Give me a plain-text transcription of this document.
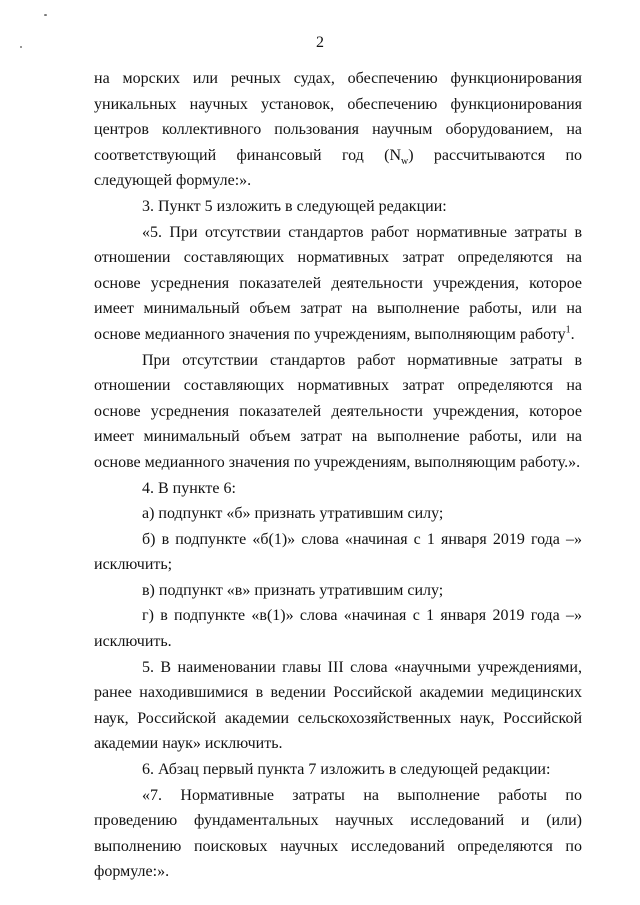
2

на морских или речных судах, обеспечению функционирования уникальных научных установок, обеспечению функционирования центров коллективного пользования научным оборудованием, на соответствующий финансовый год $(N_w)$ рассчитываются по следующей формуле:».

3. Пункт 5 изложить в следующей редакции:

«5. При отсутствии стандартов работ нормативные затраты в отношении составляющих нормативных затрат определяются на основе усреднения показателей деятельности учреждения, которое имеет минимальный объем затрат на выполнение работы, или на основе медианного значения по учреждениям, выполняющим работу$^1$.

При отсутствии стандартов работ нормативные затраты в отношении составляющих нормативных затрат определяются на основе усреднения показателей деятельности учреждения, которое имеет минимальный объем затрат на выполнение работы, или на основе медианного значения по учреждениям, выполняющим работу.».

4. В пункте 6:

а) подпункт «б» признать утратившим силу;

б) в подпункте «б(1)» слова «начиная с 1 января 2019 года –» исключить;

в) подпункт «в» признать утратившим силу;

г) в подпункте «в(1)» слова «начиная с 1 января 2019 года –» исключить.

5. В наименовании главы III слова «научными учреждениями, ранее находившимися в ведении Российской академии медицинских наук, Российской академии сельскохозяйственных наук, Российской академии наук» исключить.

6. Абзац первый пункта 7 изложить в следующей редакции:

«7. Нормативные затраты на выполнение работы по проведению фундаментальных научных исследований и (или) выполнению поисковых научных исследований определяются по формуле:».
